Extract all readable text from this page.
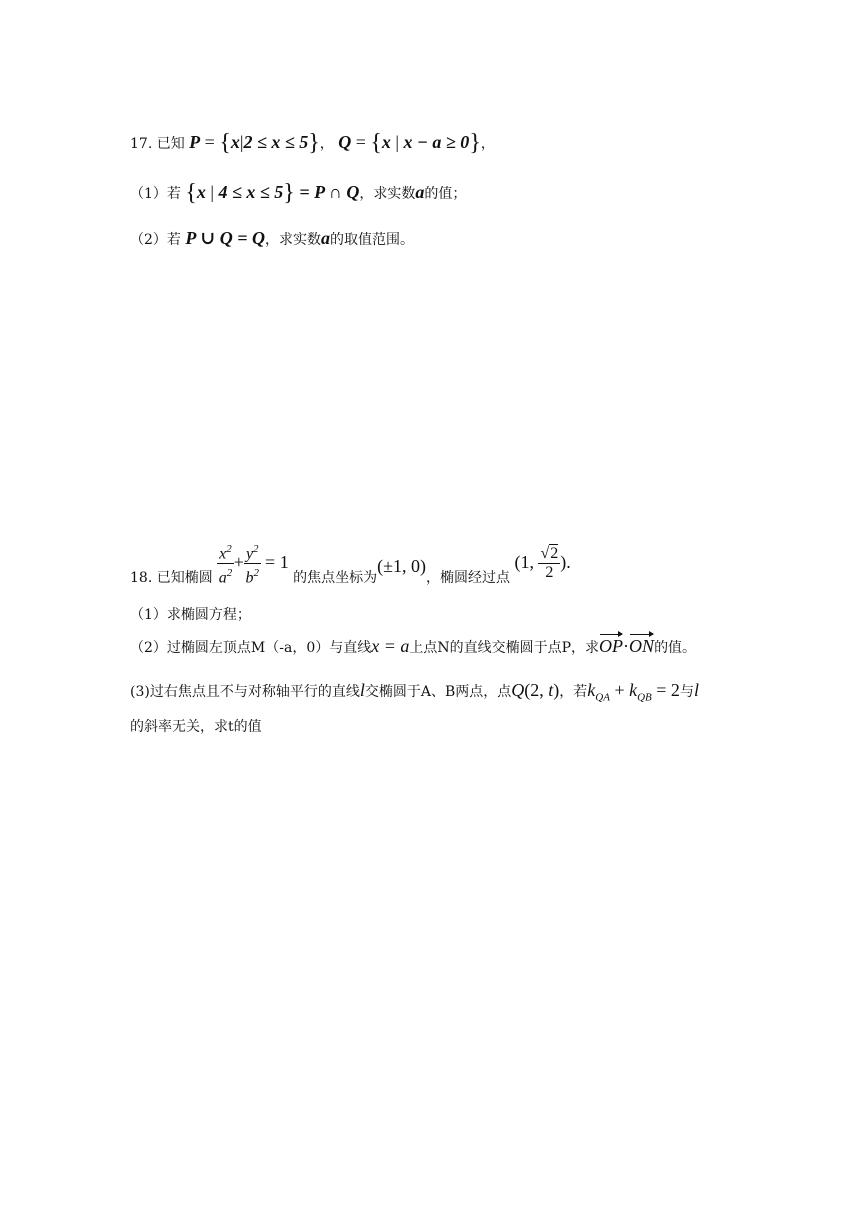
17. 已知 P = {x|2 ≤ x ≤ 5}， Q = {x | x − a ≥ 0}，
（1）若 {x | 4 ≤ x ≤ 5} = P ∩ Q，求实数a的值；
（2）若 P ∪ Q = Q，求实数a的取值范围。
18. 已知椭圆 $\frac{x^2}{a^2} + \frac{y^2}{b^2} = 1$ 的焦点坐标为(±1, 0)，椭圆经过点 (1, $\frac{√2}{2}$ ).
（1）求椭圆方程；
（2）过椭圆左顶点M（-a，0）与直线x = a上点N的直线交椭圆于点P，求OP·ON的值。
(3)过右焦点且不与对称轴平行的直线l交椭圆于A、B两点，点Q(2, t)，若$k_{QA} + k_{QB} = 2$与l
的斜率无关，求t的值
